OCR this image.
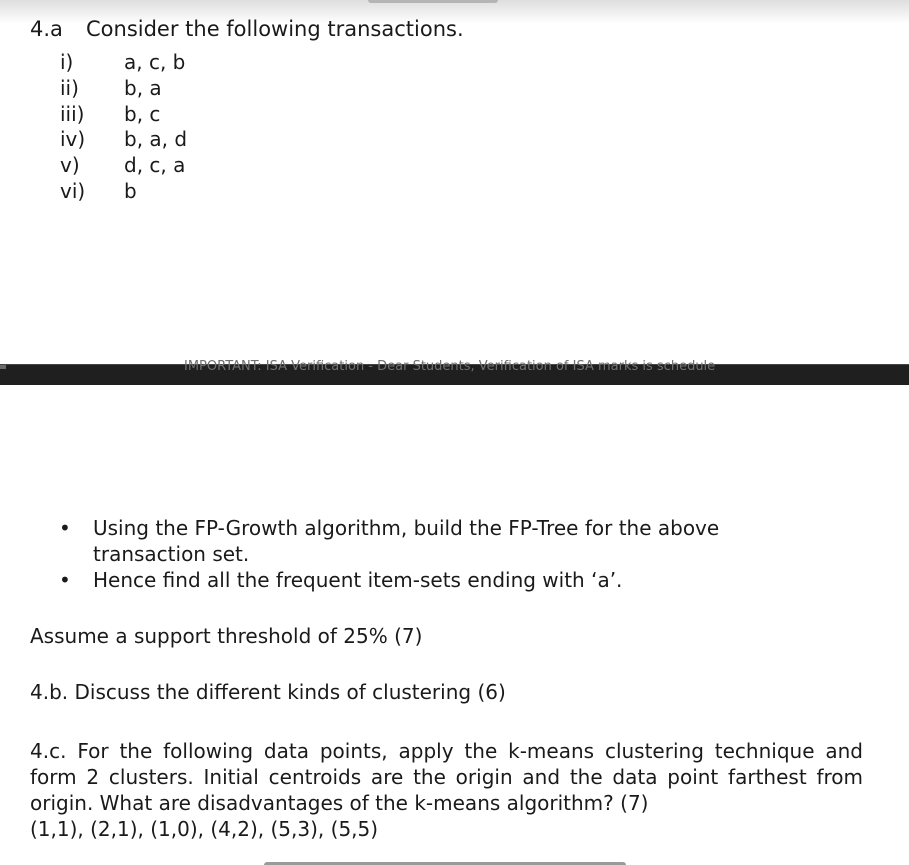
4.a Consider the following transactions.
i)	a, c, b
ii) b, a
iii) b, c
iv) b, a, d
v) d, c, a
vi) b
IMPORTANT: ISA Verification - Dear Students, Verification of ISA marks is schedule
• Using the FP-Growth algorithm, build the FP-Tree for the above transaction set.
• Hence find all the frequent item-sets ending with ‘a’.
Assume a support threshold of 25% (7)
4.b. Discuss the different kinds of clustering (6)
4.c. For the following data points, apply the k-means clustering technique and form 2 clusters. Initial centroids are the origin and the data point farthest from origin. What are disadvantages of the k-means algorithm? (7)
(1,1), (2,1), (1,0), (4,2), (5,3), (5,5)
